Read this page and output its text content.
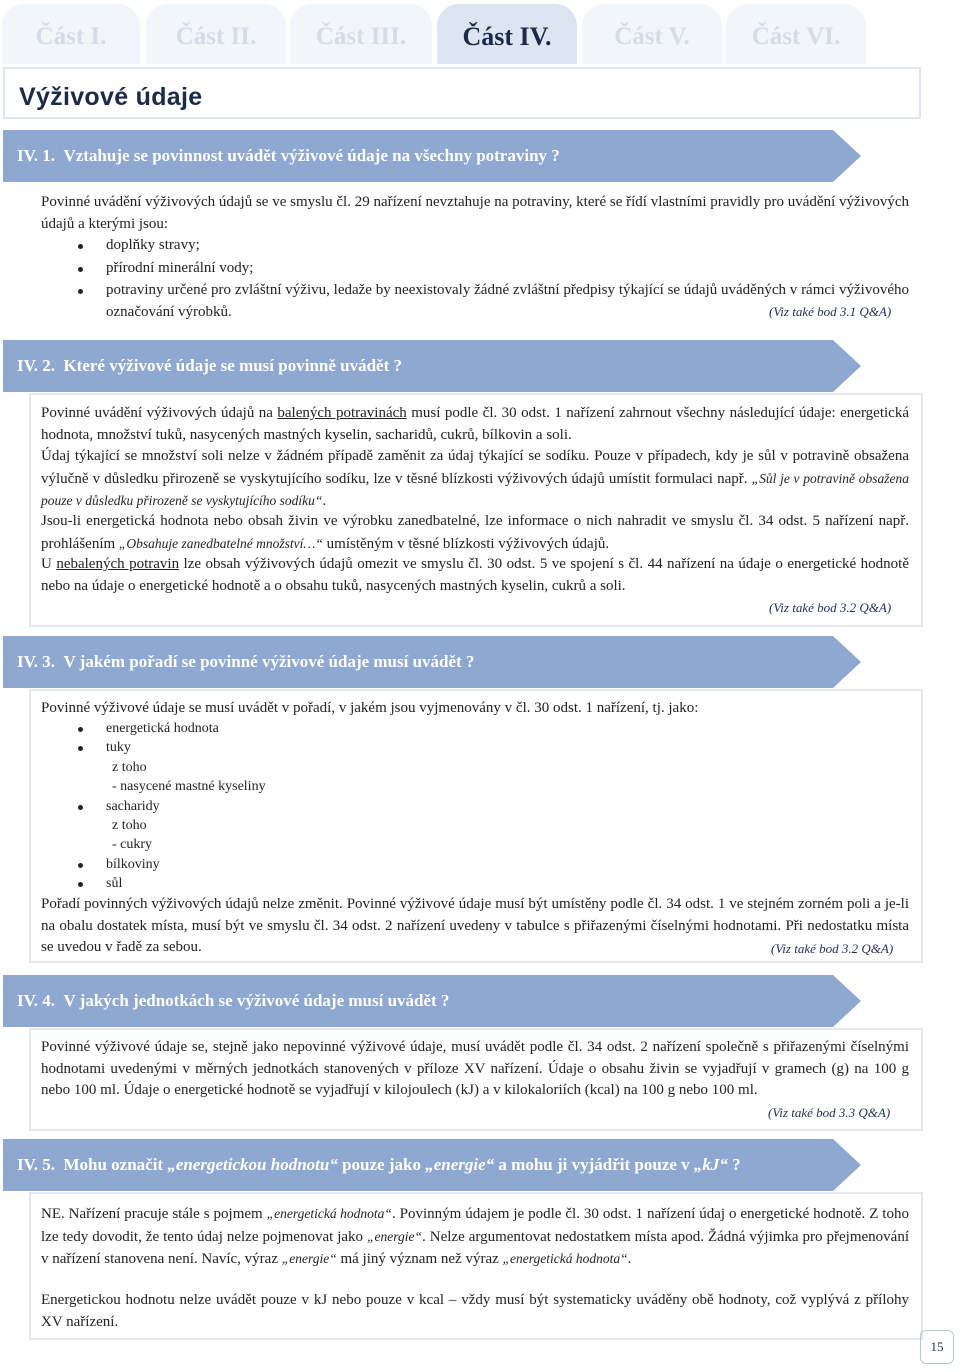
Část I.	Část II.	Část III.	Část IV.	Část V.	Část VI.
Výživové údaje
IV. 1.
Vztahuje se povinnost uvádět výživové údaje na všechny potraviny ?
Povinné uvádění výživových údajů se ve smyslu čl. 29 nařízení nevztahuje na potraviny, které se řídí vlastními pravidly pro uvádění výživových údajů a kterými jsou:
doplňky stravy;
přírodní minerální vody;
potraviny určené pro zvláštní výživu, ledaže by neexistovaly žádné zvláštní předpisy týkající se údajů uváděných v rámci výživového označování výrobků.	(Viz také bod 3.1 Q&A)
IV. 2.
Které výživové údaje se musí povinně uvádět ?
Povinné uvádění výživových údajů na balených potravinách musí podle čl. 30 odst. 1 nařízení zahrnout všechny následující údaje: energetická hodnota, množství tuků, nasycených mastných kyselin, sacharidů, cukrů, bílkovin a soli.
Údaj týkající se množství soli nelze v žádném případě zaměnit za údaj týkající se sodíku. Pouze v případech, kdy je sůl v potravině obsažena výlučně v důsledku přirozeně se vyskytujícího sodíku, lze v těsné blízkosti výživových údajů umístit formulaci např. „Sůl je v potravině obsažena pouze v důsledku přirozeně se vyskytujícího sodíku“.
Jsou-li energetická hodnota nebo obsah živin ve výrobku zanedbatelné, lze informace o nich nahradit ve smyslu čl. 34 odst. 5 nařízení např. prohlášením „Obsahuje zanedbatelné množství…“ umístěným v těsné blízkosti výživových údajů.
U nebalených potravin lze obsah výživových údajů omezit ve smyslu čl. 30 odst. 5 ve spojení s čl. 44 nařízení na údaje o energetické hodnotě nebo na údaje o energetické hodnotě a o obsahu tuků, nasycených mastných kyselin, cukrů a soli.
(Viz také bod 3.2 Q&A)
IV. 3.
V jakém pořadí se povinné výživové údaje musí uvádět ?
Povinné výživové údaje se musí uvádět v pořadí, v jakém jsou vyjmenovány v čl. 30 odst. 1 nařízení, tj. jako:
energetická hodnota
tuky
z toho
- nasycené mastné kyseliny
sacharidy
z toho
- cukry
bílkoviny
sůl
Pořadí povinných výživových údajů nelze změnit. Povinné výživové údaje musí být umístěny podle čl. 34 odst. 1 ve stejném zorném poli a je-li na obalu dostatek místa, musí být ve smyslu čl. 34 odst. 2 nařízení uvedeny v tabulce s přiřazenými číselnými hodnotami. Při nedostatku místa se uvedou v řadě za sebou.	(Viz také bod 3.2 Q&A)
IV. 4.
V jakých jednotkách se výživové údaje musí uvádět ?
Povinné výživové údaje se, stejně jako nepovinné výživové údaje, musí uvádět podle čl. 34 odst. 2 nařízení společně s přiřazenými číselnými hodnotami uvedenými v měrných jednotkách stanovených v příloze XV nařízení. Údaje o obsahu živin se vyjadřují v gramech (g) na 100 g nebo 100 ml. Údaje o energetické hodnotě se vyjadřují v kilojoulech (kJ) a v kilokaloriích (kcal) na 100 g nebo 100 ml.
(Viz také bod 3.3 Q&A)
IV. 5.
Mohu označit „energetickou hodnotu“ pouze jako „energie“ a mohu ji vyjádřit pouze v „kJ“ ?
NE. Nařízení pracuje stále s pojmem „energetická hodnota“. Povinným údajem je podle čl. 30 odst. 1 nařízení údaj o energetické hodnotě. Z toho lze tedy dovodit, že tento údaj nelze pojmenovat jako „energie“. Nelze argumentovat nedostatkem místa apod. Žádná výjimka pro přejmenování v nařízení stanovena není. Navíc, výraz „energie“ má jiný význam než výraz „energetická hodnota“.
Energetickou hodnotu nelze uvádět pouze v kJ nebo pouze v kcal – vždy musí být systematicky uváděny obě hodnoty, což vyplývá z přílohy XV nařízení.
15
